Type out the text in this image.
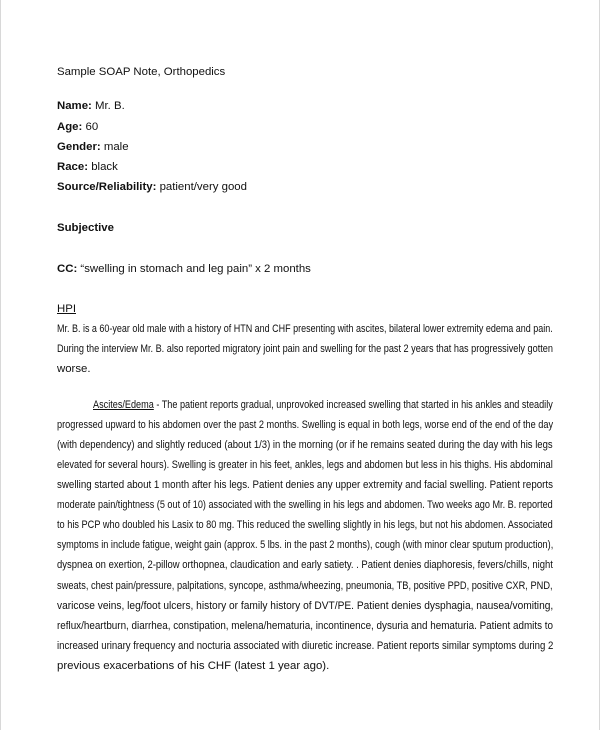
Sample SOAP Note, Orthopedics
Name: Mr. B.
Age: 60
Gender: male
Race: black
Source/Reliability: patient/very good
Subjective
CC: “swelling in stomach and leg pain” x 2 months
HPI
Mr. B. is a 60-year old male with a history of HTN and CHF presenting with ascites, bilateral lower extremity edema and pain.
During the interview Mr. B. also reported migratory joint pain and swelling for the past 2 years that has progressively gotten
worse.
Ascites/Edema - The patient reports gradual, unprovoked increased swelling that started in his ankles and steadily
progressed upward to his abdomen over the past 2 months. Swelling is equal in both legs, worse end of the end of the day
(with dependency) and slightly reduced (about 1/3) in the morning (or if he remains seated during the day with his legs
elevated for several hours). Swelling is greater in his feet, ankles, legs and abdomen but less in his thighs. His abdominal
swelling started about 1 month after his legs. Patient denies any upper extremity and facial swelling. Patient reports
moderate pain/tightness (5 out of 10) associated with the swelling in his legs and abdomen. Two weeks ago Mr. B. reported
to his PCP who doubled his Lasix to 80 mg. This reduced the swelling slightly in his legs, but not his abdomen. Associated
symptoms in include fatigue, weight gain (approx. 5 lbs. in the past 2 months), cough (with minor clear sputum production),
dyspnea on exertion, 2-pillow orthopnea, claudication and early satiety. . Patient denies diaphoresis, fevers/chills, night
sweats, chest pain/pressure, palpitations, syncope, asthma/wheezing, pneumonia, TB, positive PPD, positive CXR, PND,
varicose veins, leg/foot ulcers, history or family history of DVT/PE. Patient denies dysphagia, nausea/vomiting,
reflux/heartburn, diarrhea, constipation, melena/hematuria, incontinence, dysuria and hematuria. Patient admits to
increased urinary frequency and nocturia associated with diuretic increase. Patient reports similar symptoms during 2
previous exacerbations of his CHF (latest 1 year ago).
